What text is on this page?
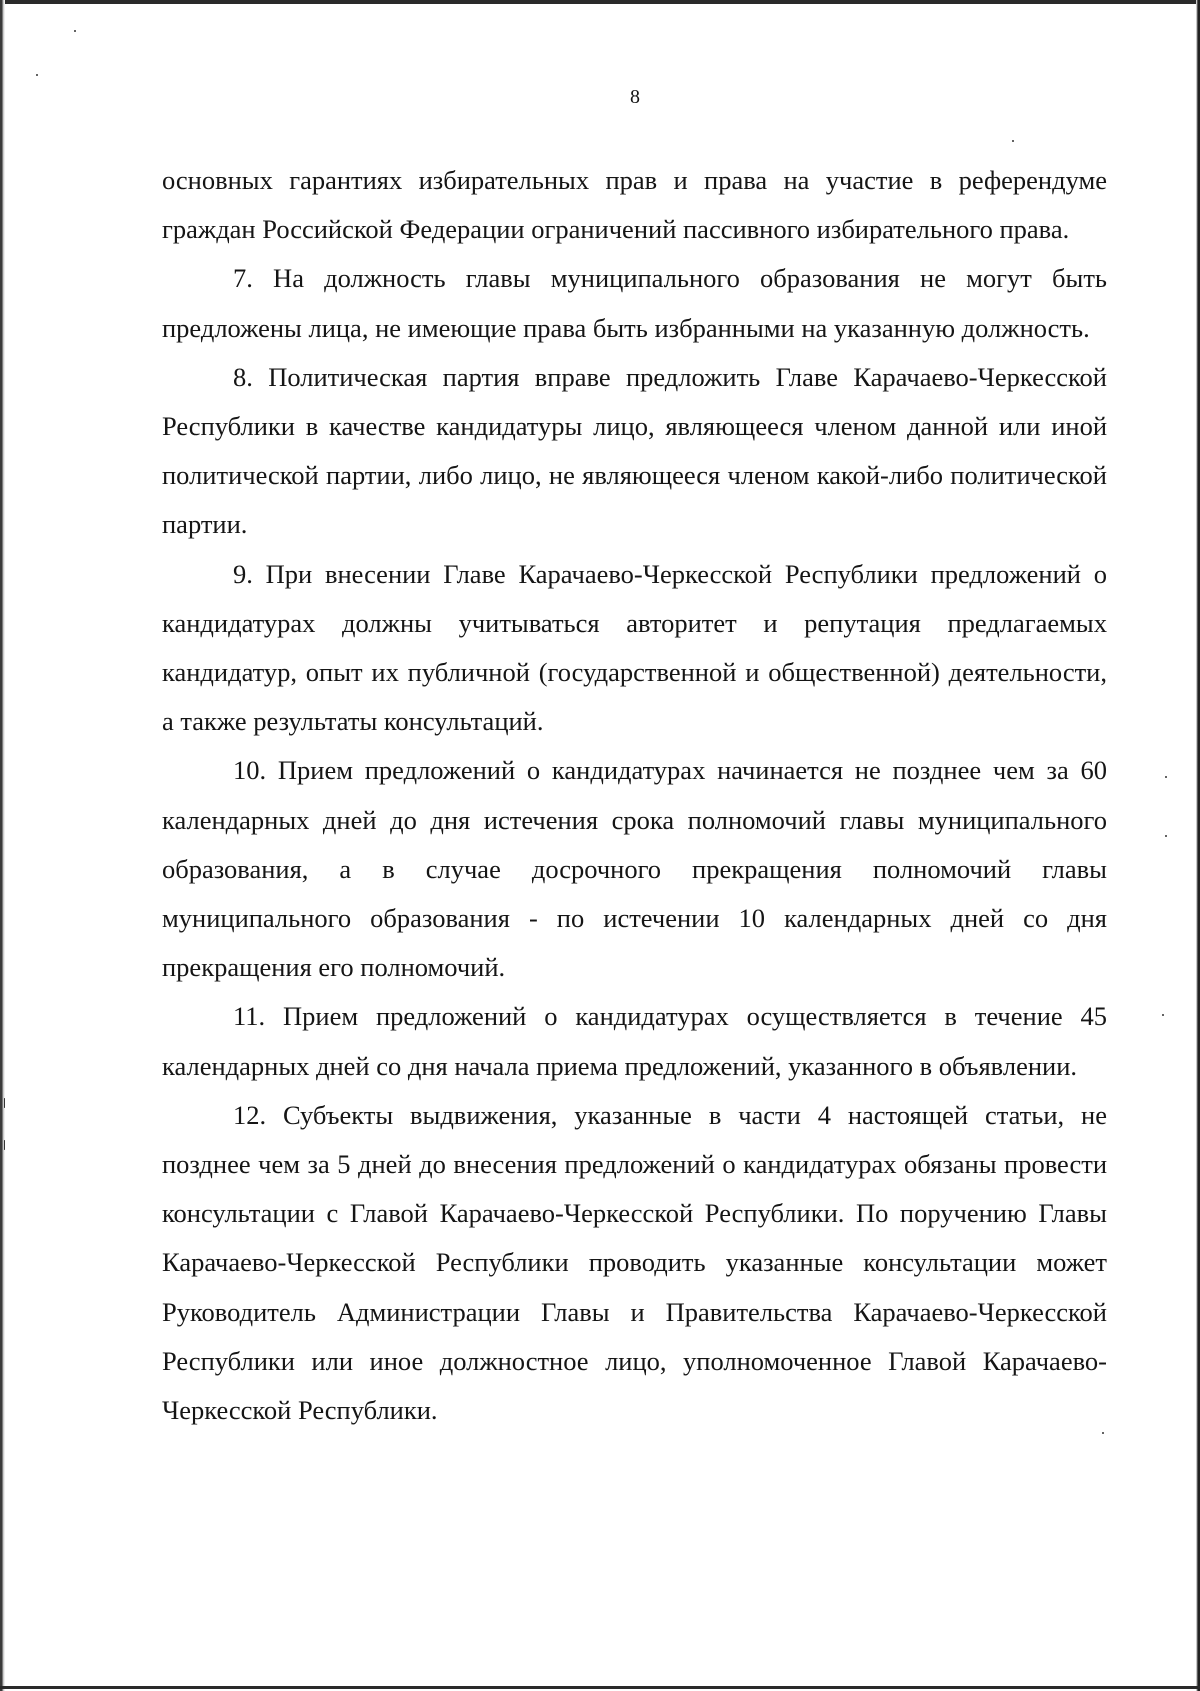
8

основных гарантиях избирательных прав и права на участие в референдуме граждан Российской Федерации ограничений пассивного избирательного права.

7. На должность главы муниципального образования не могут быть предложены лица, не имеющие права быть избранными на указанную должность.

8. Политическая партия вправе предложить Главе Карачаево-Черкесской Республики в качестве кандидатуры лицо, являющееся членом данной или иной политической партии, либо лицо, не являющееся членом какой-либо политической партии.

9. При внесении Главе Карачаево-Черкесской Республики предложений о кандидатурах должны учитываться авторитет и репутация предлагаемых кандидатур, опыт их публичной (государственной и общественной) деятельности, а также результаты консультаций.

10. Прием предложений о кандидатурах начинается не позднее чем за 60 календарных дней до дня истечения срока полномочий главы муниципального образования, а в случае досрочного прекращения полномочий главы муниципального образования - по истечении 10 календарных дней со дня прекращения его полномочий.

11. Прием предложений о кандидатурах осуществляется в течение 45 календарных дней со дня начала приема предложений, указанного в объявлении.

12. Субъекты выдвижения, указанные в части 4 настоящей статьи, не позднее чем за 5 дней до внесения предложений о кандидатурах обязаны провести консультации с Главой Карачаево-Черкесской Республики. По поручению Главы Карачаево-Черкесской Республики проводить указанные консультации может Руководитель Администрации Главы и Правительства Карачаево-Черкесской Республики или иное должностное лицо, уполномоченное Главой Карачаево-Черкесской Республики.
